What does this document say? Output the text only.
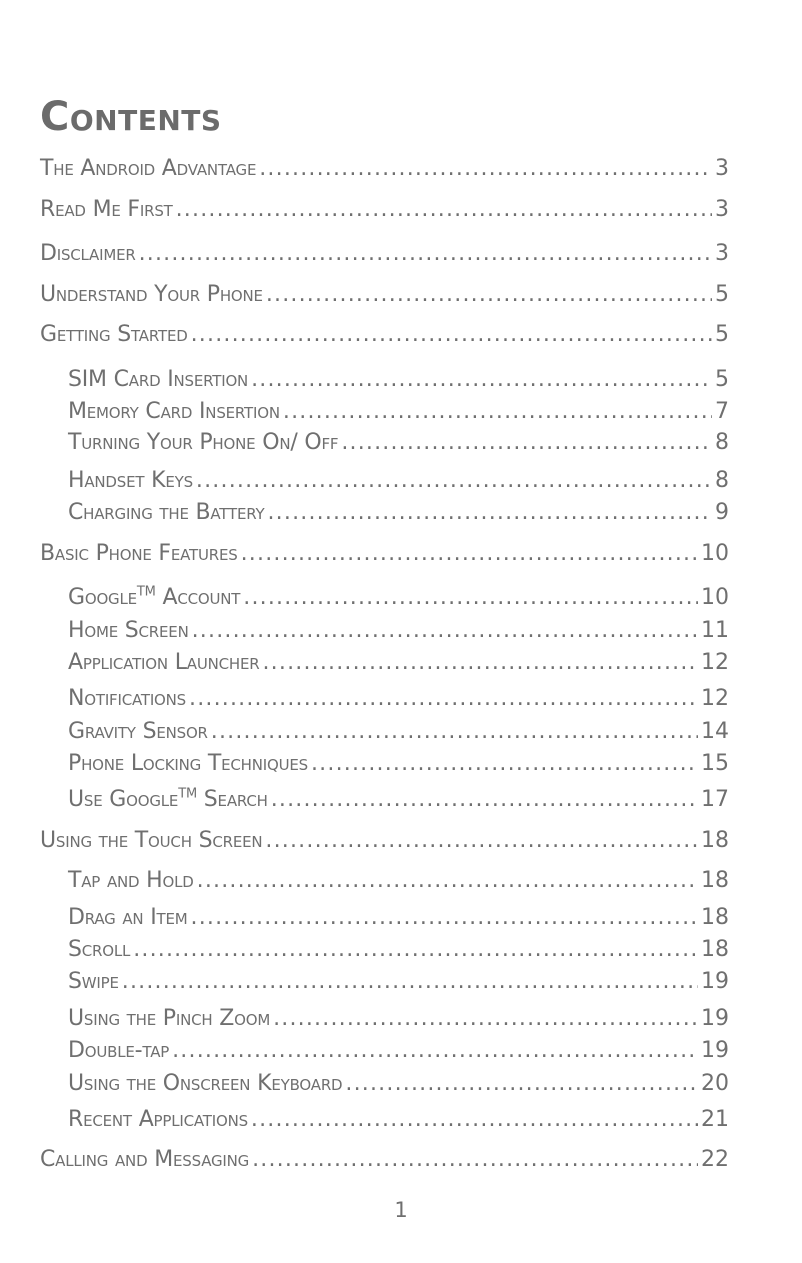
Contents
The Android Advantage .....	3
Read Me First .....	3
Disclaimer .....	3
Understand Your Phone .....	5
Getting Started .....	5
SIM Card Insertion .....	5
Memory Card Insertion .....	7
Turning Your Phone On/ Off .....	8
Handset Keys .....	8
Charging the Battery .....	9
Basic Phone Features .....	10
Google™ Account .....	10
Home Screen .....	11
Application Launcher .....	12
Notifications .....	12
Gravity Sensor .....	14
Phone Locking Techniques .....	15
Use Google™ Search .....	17
Using the Touch Screen .....	18
Tap and Hold .....	18
Drag an Item .....	18
Scroll .....	18
Swipe .....	19
Using the Pinch Zoom .....	19
Double-tap .....	19
Using the Onscreen Keyboard .....	20
Recent Applications .....	21
Calling and Messaging .....	22
1
